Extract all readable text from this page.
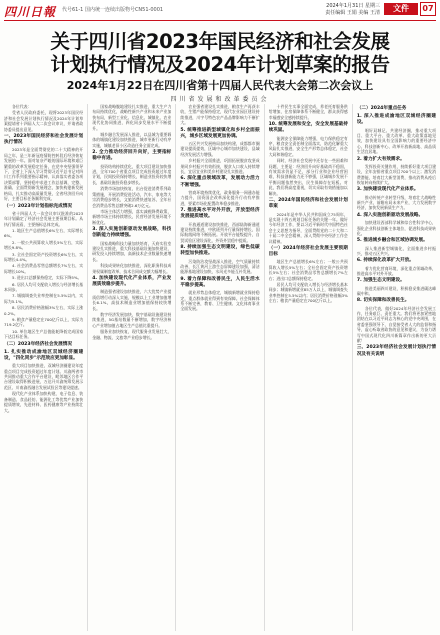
四川日報 代号61-1 国内统一连续出版物号CN51-0001
2024年1月31日 星期三
责任编辑 王娟 美编 王清	文件	07
关于四川省2023年国民经济和社会发展
计划执行情况及2024年计划草案的报告
2024年1月22日在四川省第十四届人民代表大会第二次会议上
四川省发展和改革委员会

各位代表：

受省人民政府委托，现将2023年国民经济和社会发展计划执行情况及2024年计划草案提请省十四届人大二次会议审议，并请省政协委员提出意见。

一、2023年国民经济和社会发展计划执行情况

2023年是全面贯彻党的二十大精神的开局之年，是三年新冠疫情防控转段后经济恢复发展的一年。面对复杂严峻的国际环境和艰巨繁重的改革发展稳定任务，在党中央坚强领导下，全省上下深入学习贯彻习近平总书记对四川工作系列重要指示精神，认真落实省委各项决策部署，坚持稳中求进工作总基调，完整、准确、全面贯彻新发展理念，加快构建新发展格局，扎实推动高质量发展，全省经济回升向好，主要目标任务顺利完成。

（一）2023年计划指标完成情况

省十四届人大一次会议审议批准的2023年计划确定了经济社会发展主要预期目标。从执行情况看，主要指标总体完成。

1. 地区生产总值增长6%左右，实际增长6%。

2. 一般公共预算收入增长5%左右，实际增长9.8%。

3. 全社会固定资产投资增长6%左右，实际增长4.4%。

4. 社会消费品零售总额增长7%左右，实际增长10%。

5. 进出口总额保持稳定，实际下降5%。

6. 居民人均可支配收入增长与经济增长基本同步。

7. 城镇调查失业率控制在5.5%以内，实际为5.1%。

8. 居民消费价格涨幅3%左右，实际上涨0.2%。

9. 粮食产量稳定在700亿斤以上，实际为719.2亿斤。

10. 单位地区生产总值能耗降低完成国家下达目标任务。

（二）2023年经济社会发展情况
1. 扎实推动成渝地区双城经济圈建设，"四化同步"示范效应更加彰显。

重大项目加快推进，双城经济圈建设年度重点项目完成投资超过年度计划。川渝两省市共同推动重大合作平台建设，毗邻地区合作平台建设取得积极进展，万达开川渝统筹发展示范区、川南渝西融合发展试验区等建设提速。

现代化产业体系加快构建，电子信息、装备制造、食品轻纺、能源化工等优势产业加快提质增效，先进材料、医药健康等产业持续壮大。

国家战略腹地建设扎实推进，重大生产力布局持续优化，战略性新兴产业和未来产业加快布局，新型工业化、信息化、城镇化、农业现代化协同推进，四化同步发展水平不断提升。

城乡融合发展深入推进，以县城为重要载体的城镇化建设加快推进，城市更新行动有序实施，城镇老旧小区改造任务全面完成。

2. 全力推动经济回升向好，主要指标稳中有进。

投资结构持续优化，重大项目建设加快推进，全年700个省重点项目完成投资超过年度计划，民间投资保持增长，制造业投资较快增长，基础设施投资稳步增长。

消费市场加快恢复，出台促进消费系列政策措施，开展消费促进活动，汽车、家电等大宗消费稳步增长，文旅消费快速复苏，全年社会消费品零售总额突破2.6万亿元。

市场主体活力增强，落实减税降费政策，新增市场主体持续增长，民营经济发展环境不断优化。

3. 深入实施创新驱动发展战略，科技创新能力持续增强。

国家战略科技力量加快培育，天府实验室建设扎实推进，重大科技基础设施加快建设，研发投入持续增加，高新技术企业数量快速增长。

科技成果转化加快推进，深化职务科技成果权属制度改革，技术合同成交额大幅增长。

4. 加快建设现代化产业体系，产业发展质效稳步提升。

制造强省建设加快推进，六大优势产业提质倍增行动深入实施，规模以上工业增加值增长6.1%，高技术制造业增加值保持较快增长。

数字经济发展加快，数字基础设施建设持续推进，5G基站数量不断增加，数字经济核心产业增加值占地区生产总值比重提升。

服务业加快恢复，现代服务业发展壮大，金融、物流、文旅等产业稳步增长。

农业强省建设扎实推进，粮食生产再获丰收，生猪产能保持稳定，现代农业园区建设持续推进，川字号特色农产品品牌影响力不断扩大。

5. 统筹推进新型城镇化和乡村全面振兴，城乡区域发展更加协调。

五区共兴发展格局加快构建，成都都市圈建设提质提效，区域中心城市加快建设，县域经济发展活力增强。

乡村振兴全面推进，巩固拓展脱贫攻坚成果同乡村振兴有效衔接，脱贫人口收入持续增长，宜居宜业和美乡村建设扎实推进。

6. 深化重点领域改革，发展动力活力不断增强。

营商环境持续优化，政务服务一网通办能力提升，国资国企改革深化提升行动有序推进，要素市场化配置改革稳步推进。

7. 推进高水平对外开放，开放型经济发展提质增效。

开放通道建设加快推进，西部陆海新通道建设持续推进，中欧班列开行量保持增长，国际航线网络不断拓展。开放平台能级提升，自贸试验区建设深化，外资外贸稳中提质。

8. 持续加强生态文明建设，绿色低碳转型加快推进。

污染防治攻坚战深入推进，空气质量持续改善，长江黄河上游生态屏障建设加强，清洁能源基地建设加快，水风光多能互补发展。

9. 着力保障和改善民生，人民生活水平稳步提高。

就业形势总体稳定，城镇新增就业保持稳定，重点群体就业得到有效保障。社会保障体系不断完善，教育、卫生健康、文化体育事业全面发展。

十件民生实事全面完成，养老托育服务供给增加，住房保障体系不断健全，群众获得感幸福感安全感持续提升。

10. 统筹发展和安全，安全发展基础持续巩固。

能源安全保障能力增强，电力保供稳定有序，粮食安全责任制全面落实，防范化解重大风险扎实推进，安全生产形势总体稳定，社会大局和谐稳定。

同时，经济社会发展中还存在一些困难和问题，主要是：经济回升向好基础尚不稳固，有效需求仍显不足，部分行业和企业经营困难，科技创新能力还不够强，区域城乡发展不平衡问题依然突出，民生保障存在短板。对此，我们将高度重视，切实采取有效措施加以解决。

二、2024年国民经济和社会发展计划草案

2024年是中华人民共和国成立75周年，是实现十四五规划目标任务的关键一年。做好今年经济工作，要以习近平新时代中国特色社会主义思想为指导，全面贯彻党的二十大和二十届二中全会精神，深入贯彻中央经济工作会议精神。

（一）2024年经济社会发展主要预期目标

地区生产总值增长6%左右；一般公共预算收入增长5%左右；全社会固定资产投资增长5%左右；社会消费品零售总额增长7%左右；进出口总额保持稳定。

居民人均可支配收入增长与经济增长基本同步；城镇新增就业85万人以上，城镇调查失业率控制在5.5%以内；居民消费价格涨幅3%左右；粮食产量稳定在700亿斤以上。

（二）2024年重点任务
1. 深入推进成渝地区双城经济圈建设。

唱好双城记、共建经济圈，推动重大项目、重大平台、重大改革、重大政策落地见效，加快建设具有全国影响力的重要经济中心、科技创新中心、改革开放新高地、高品质生活宜居地。

2. 着力扩大有效需求。

发挥投资关键作用，持续抓好重大项目建设，全年安排省重点项目700个以上；激发消费潜能，培育壮大新型消费，推动消费从疫后恢复转向持续扩大。

3. 加快建设现代化产业体系。

推动传统产业转型升级，培育壮大战略性新兴产业，前瞻布局未来产业，大力发展数字经济，加快发展新质生产力。

4. 深入实施创新驱动发展战略。

加快建设西部科学城和综合性科学中心，强化企业科技创新主体地位，促进科技成果转化。

5. 推进城乡融合和区域协调发展。

深入推进新型城镇化，全面推进乡村振兴，推动五区共兴。

6. 持续深化改革扩大开放。

着力优化营商环境，深化重点领域改革，推进高水平对外开放。

7. 加强生态文明建设。

推进美丽四川建设，积极稳妥推进碳达峰碳中和。

8. 切实保障和改善民生。

各位代表，做好2024年经济社会发展工作，任务艰巨、责任重大。我们将更加紧密地团结在以习近平同志为核心的党中央周围，在省委坚强领导下，自觉接受省人大的监督和指导，虚心听取省政协的意见和建议，为奋力谱写中国式现代化四川新篇章作出新的更大贡献！

三、2023年经济社会发展计划执行情况及有关说明
